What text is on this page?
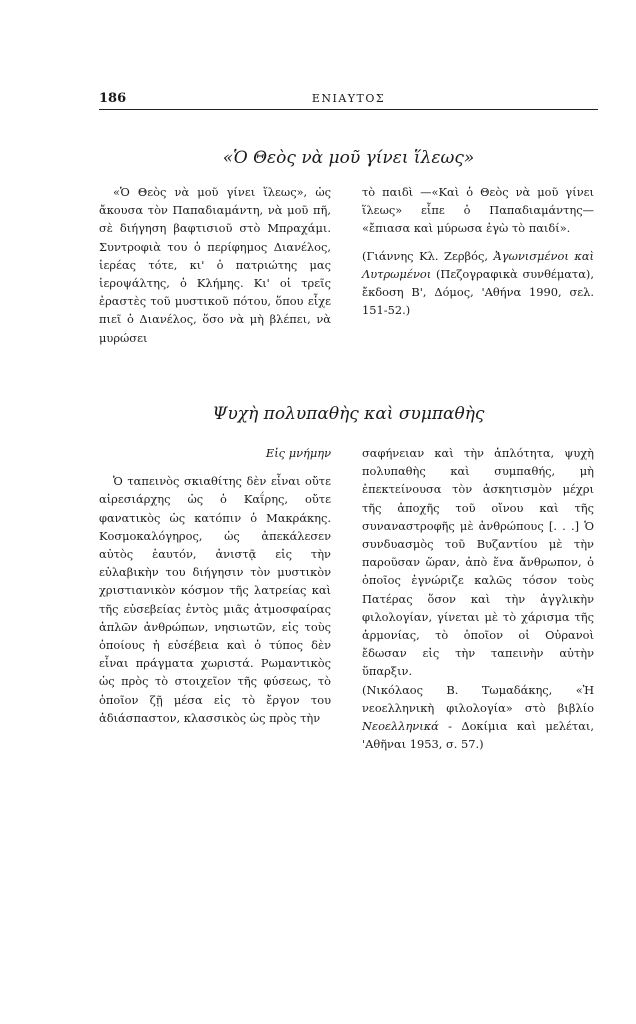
186	ΕΝΙΑΥΤΟΣ
«Ὁ Θεὸς νὰ μοῦ γίνει ἵλεως»

«Ὁ Θεὸς νὰ μοῦ γίνει ἵλεως», ὡς ἄκουσα τὸν Παπαδιαμάντη, νὰ μοῦ πῆ, σὲ διήγηση βαφτισιοῦ στὸ Μπραχάμι. Συντροφιὰ του ὁ περίφημος Διανέλος, ἱερέας τότε, κι' ὁ πατριώτης μας ἱεροψάλτης, ὁ Κλήμης. Κι' οἱ τρεῖς ἐραστὲς τοῦ μυστικοῦ πότου, ὅπου εἶχε πιεῖ ὁ Διανέλος, ὅσο νὰ μὴ βλέπει, νὰ μυρώσει

τὸ παιδὶ —«Καὶ ὁ Θεὸς νὰ μοῦ γίνει ἵλεως» εἶπε ὁ Παπαδιαμάντης— «ἔπιασα καὶ μύρωσα ἐγὼ τὸ παιδί».

(Γιάννης Κλ. Ζερβός, Ἀγωνισμένοι καὶ Λυτρωμένοι (Πεζογραφικὰ συνθέματα), ἔκδοση Β', Δόμος, 'Αθήνα 1990, σελ. 151-52.)

Ψυχὴ πολυπαθὴς καὶ συμπαθὴς

Εἰς μνήμην

Ὁ ταπεινὸς σκιαθίτης δὲν εἶναι οὔτε αἱρεσιάρχης ὡς ὁ Καΐρης, οὔτε φανατικὸς ὡς κατόπιν ὁ Μακράκης. Κοσμοκαλόγηρος, ὡς ἀπεκάλεσεν αὐτὸς ἑαυτόν, ἀνιστᾷ εἰς τὴν εὐλαβικὴν του διήγησιν τὸν μυστικὸν χριστιανικὸν κόσμον τῆς λατρείας καὶ τῆς εὐσεβείας ἐντὸς μιᾶς ἀτμοσφαίρας ἁπλῶν ἀνθρώπων, νησιωτῶν, εἰς τοὺς ὁποίους ἡ εὐσέβεια καὶ ὁ τύπος δὲν εἶναι πράγματα χωριστά. Ρωμαντικὸς ὡς πρὸς τὸ στοιχεῖον τῆς φύσεως, τὸ ὁποῖον ζῇ μέσα εἰς τὸ ἔργον του ἀδιάσπαστον, κλασσικὸς ὡς πρὸς τὴν

σαφήνειαν καὶ τὴν ἁπλότητα, ψυχὴ πολυπαθὴς καὶ συμπαθής, μὴ ἐπεκτείνουσα τὸν ἀσκητισμὸν μέχρι τῆς ἀποχῆς τοῦ οἴνου καὶ τῆς συναναστροφῆς μὲ ἀνθρώπους [. . .] Ὁ συνδυασμὸς τοῦ Βυζαντίου μὲ τὴν παροῦσαν ὥραν, ἀπὸ ἕνα ἄνθρωπον, ὁ ὁποῖος ἐγνώριζε καλῶς τόσον τοὺς Πατέρας ὅσον καὶ τὴν ἀγγλικὴν φιλολογίαν, γίνεται μὲ τὸ χάρισμα τῆς ἁρμονίας, τὸ ὁποῖον οἱ Οὐρανοὶ ἔδωσαν εἰς τὴν ταπεινὴν αὐτὴν ὕπαρξιν.

(Νικόλαος Β. Τωμαδάκης, «Ἡ νεοελληνικὴ φιλολογία» στὸ βιβλίο Νεοελληνικά - Δοκίμια καὶ μελέται, 'Αθῆναι 1953, σ. 57.)
